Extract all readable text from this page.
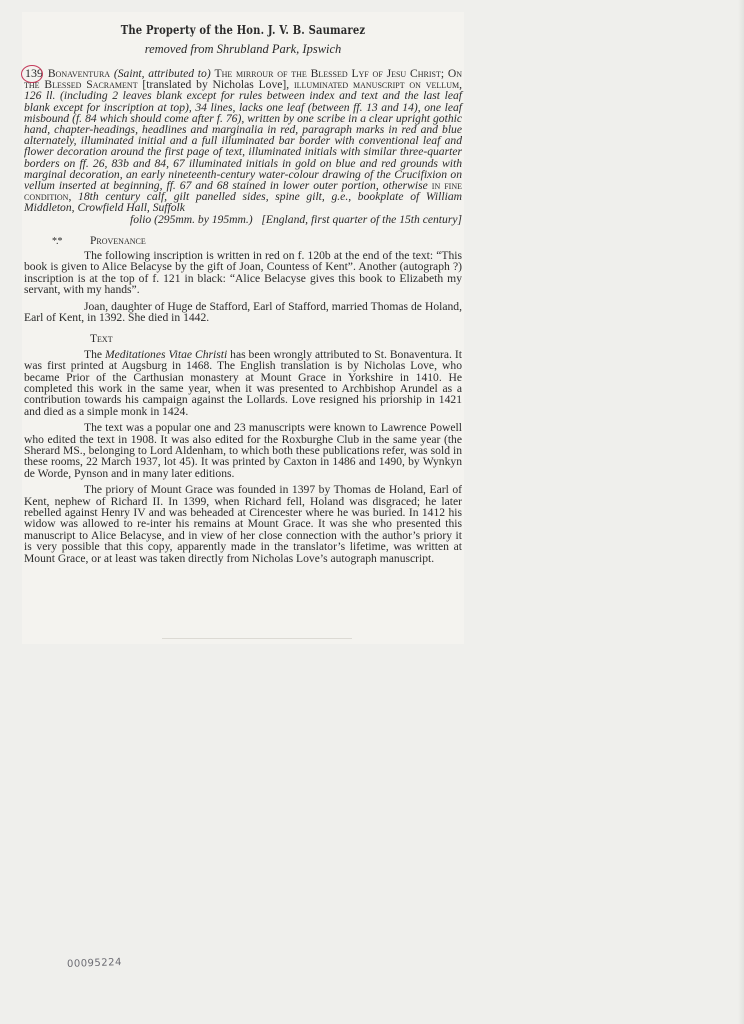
The Property of the Hon. J. V. B. Saumarez
removed from Shrubland Park, Ipswich

139 Bonaventura (Saint, attributed to) The mirrour of the Blessed Lyf of Jesu Christ; On the Blessed Sacrament [translated by Nicholas Love], illuminated manuscript on vellum, 126 ll. (including 2 leaves blank except for rules between index and text and the last leaf blank except for inscription at top), 34 lines, lacks one leaf (between ff. 13 and 14), one leaf misbound (f. 84 which should come after f. 76), written by one scribe in a clear upright gothic hand, chapter-headings, headlines and marginalia in red, paragraph marks in red and blue alternately, illuminated initial and a full illuminated bar border with conventional leaf and flower decoration around the first page of text, illuminated initials with similar three-quarter borders on ff. 26, 83b and 84, 67 illuminated initials in gold on blue and red grounds with marginal decoration, an early nineteenth-century water-colour drawing of the Crucifixion on vellum inserted at beginning, ff. 67 and 68 stained in lower outer portion, otherwise in fine condition, 18th century calf, gilt panelled sides, spine gilt, g.e., bookplate of William Middleton, Crowfield Hall, Suffolk

folio (295mm. by 195mm.) [England, first quarter of the 15th century]

*.* Provenance

The following inscription is written in red on f. 120b at the end of the text: “This book is given to Alice Belacyse by the gift of Joan, Countess of Kent”. Another (autograph ?) inscription is at the top of f. 121 in black: “Alice Belacyse gives this book to Elizabeth my servant, with my hands”.

Joan, daughter of Huge de Stafford, Earl of Stafford, married Thomas de Holand, Earl of Kent, in 1392. She died in 1442.

Text

The Meditationes Vitae Christi has been wrongly attributed to St. Bonaventura. It was first printed at Augsburg in 1468. The English translation is by Nicholas Love, who became Prior of the Carthusian monastery at Mount Grace in Yorkshire in 1410. He completed this work in the same year, when it was presented to Archbishop Arundel as a contribution towards his campaign against the Lollards. Love resigned his priorship in 1421 and died as a simple monk in 1424.

The text was a popular one and 23 manuscripts were known to Lawrence Powell who edited the text in 1908. It was also edited for the Roxburghe Club in the same year (the Sherard MS., belonging to Lord Aldenham, to which both these publications refer, was sold in these rooms, 22 March 1937, lot 45). It was printed by Caxton in 1486 and 1490, by Wynkyn de Worde, Pynson and in many later editions.

The priory of Mount Grace was founded in 1397 by Thomas de Holand, Earl of Kent, nephew of Richard II. In 1399, when Richard fell, Holand was disgraced; he later rebelled against Henry IV and was beheaded at Cirencester where he was buried. In 1412 his widow was allowed to re-inter his remains at Mount Grace. It was she who presented this manuscript to Alice Belacyse, and in view of her close connection with the author’s priory it is very possible that this copy, apparently made in the translator’s lifetime, was written at Mount Grace, or at least was taken directly from Nicholas Love’s autograph manuscript.

00095224
